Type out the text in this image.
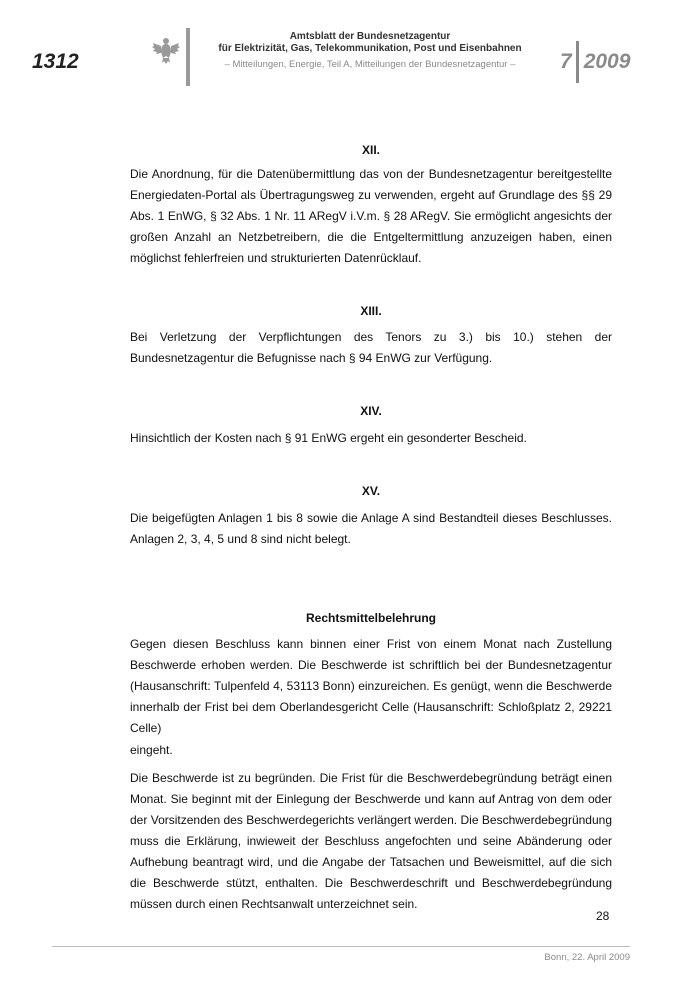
1312
Amtsblatt der Bundesnetzagentur
für Elektrizität, Gas, Telekommunikation, Post und Eisenbahnen
– Mitteilungen, Energie, Teil A, Mitteilungen der Bundesnetzagentur –	7 2009
XII.
Die Anordnung, für die Datenübermittlung das von der Bundesnetzagentur bereitgestellte Energiedaten-Portal als Übertragungsweg zu verwenden, ergeht auf Grundlage des §§ 29 Abs. 1 EnWG, § 32 Abs. 1 Nr. 11 ARegV i.V.m. § 28 ARegV. Sie ermöglicht angesichts der großen Anzahl an Netzbetreibern, die die Entgeltermittlung anzuzeigen haben, einen möglichst fehlerfreien und strukturierten Datenrücklauf.
XIII.
Bei Verletzung der Verpflichtungen des Tenors zu 3.) bis 10.) stehen der Bundesnetzagentur die Befugnisse nach § 94 EnWG zur Verfügung.
XIV.
Hinsichtlich der Kosten nach § 91 EnWG ergeht ein gesonderter Bescheid.
XV.
Die beigefügten Anlagen 1 bis 8 sowie die Anlage A sind Bestandteil dieses Beschlusses. Anlagen 2, 3, 4, 5 und 8 sind nicht belegt.
Rechtsmittelbelehrung
Gegen diesen Beschluss kann binnen einer Frist von einem Monat nach Zustellung Beschwerde erhoben werden. Die Beschwerde ist schriftlich bei der Bundesnetzagentur (Hausanschrift: Tulpenfeld 4, 53113 Bonn) einzureichen. Es genügt, wenn die Beschwerde innerhalb der Frist bei dem Oberlandesgericht Celle (Hausanschrift: Schloßplatz 2, 29221 Celle)
eingeht.
Die Beschwerde ist zu begründen. Die Frist für die Beschwerdebegründung beträgt einen Monat. Sie beginnt mit der Einlegung der Beschwerde und kann auf Antrag von dem oder der Vorsitzenden des Beschwerdegerichts verlängert werden. Die Beschwerdebegründung muss die Erklärung, inwieweit der Beschluss angefochten und seine Abänderung oder Aufhebung beantragt wird, und die Angabe der Tatsachen und Beweismittel, auf die sich die Beschwerde stützt, enthalten. Die Beschwerdeschrift und Beschwerdebegründung müssen durch einen Rechtsanwalt unterzeichnet sein.
28
Bonn, 22. April 2009
